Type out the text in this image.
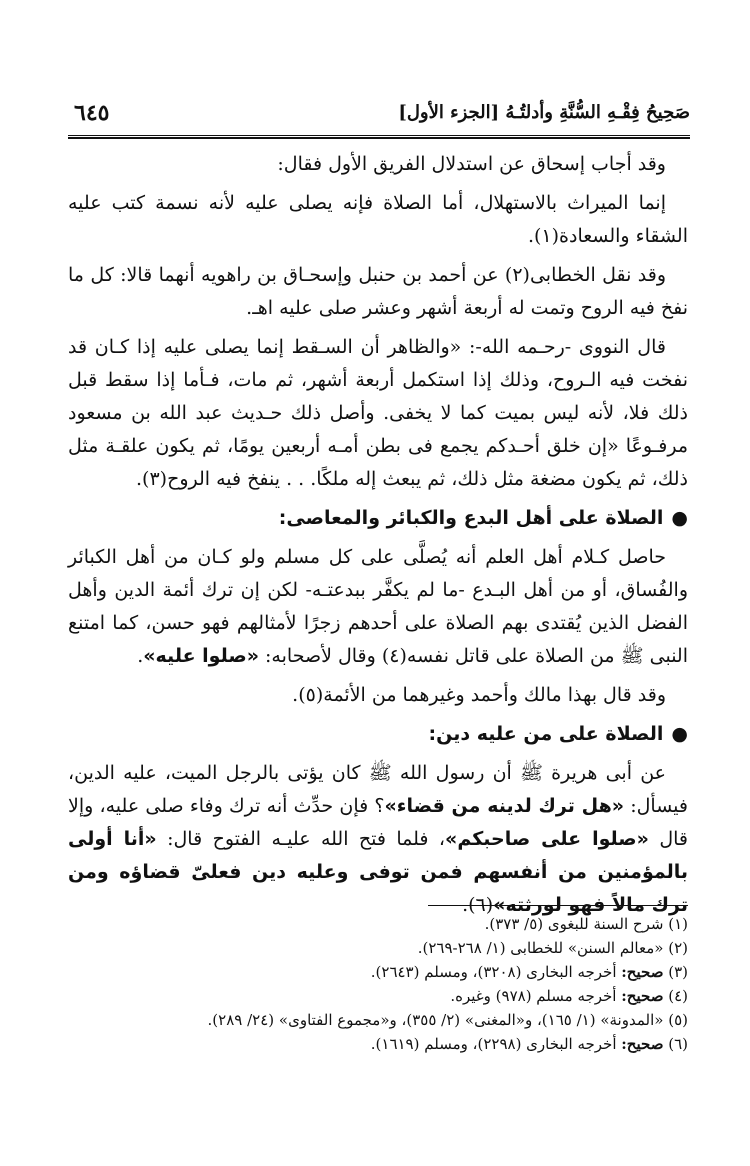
صَحِيحُ فِقْـهِ السُّنَّةِ وأدلتُـهُ [الجزء الأول]
٦٤٥

وقد أجاب إسحاق عن استدلال الفريق الأول فقال:

إنما الميراث بالاستهلال، أما الصلاة فإنه يصلى عليه لأنه نسمة كتب عليه الشقاء والسعادة(١).

وقد نقل الخطابى(٢) عن أحمد بن حنبل وإسحـاق بن راهويه أنهما قالا: كل ما نفخ فيه الروح وتمت له أربعة أشهر وعشر صلى عليه اهـ.

قال النووى -رحـمه الله-: «والظاهر أن السـقط إنما يصلى عليه إذا كـان قد نفخت فيه الـروح، وذلك إذا استكمل أربعة أشهر، ثم مات، فـأما إذا سقط قبل ذلك فلا، لأنه ليس بميت كما لا يخفى. وأصل ذلك حـديث عبد الله بن مسعود مرفـوعًا «إن خلق أحـدكم يجمع فى بطن أمـه أربعين يومًا، ثم يكون علقـة مثل ذلك، ثم يكون مضغة مثل ذلك، ثم يبعث إله ملكًا. . . ينفخ فيه الروح(٣).

●الصلاة على أهل البدع والكبائر والمعاصى:

حاصل كـلام أهل العلم أنه يُصلَّى على كل مسلم ولو كـان من أهل الكبائر والفُساق، أو من أهل البـدع -ما لم يكفَّر ببدعتـه- لكن إن ترك أئمة الدين وأهل الفضل الذين يُقتدى بهم الصلاة على أحدهم زجرًا لأمثالهم فهو حسن، كما امتنع النبى ﷺ من الصلاة على قاتل نفسه(٤) وقال لأصحابه: «صلوا عليه».

وقد قال بهذا مالك وأحمد وغيرهما من الأئمة(٥).

●الصلاة على من عليه دين:

عن أبى هريرة ﷺ أن رسول الله ﷺ كان يؤتى بالرجل الميت، عليه الدين، فيسأل: «هل ترك لدينه من قضاء»؟ فإن حدِّث أنه ترك وفاء صلى عليه، وإلا قال «صلوا على صاحبكم»، فلما فتح الله عليـه الفتوح قال: «أنا أولى بالمؤمنين من أنفسهم فمن توفى وعليه دين فعلىّ قضاؤه ومن ترك مالاً فهو لورثته»(٦).

(١) شرح السنة للبغوى (٥/ ٣٧٣).
(٢) «معالم السنن» للخطابى (١/ ٢٦٨-٢٦٩).
(٣) صحيح: أخرجه البخارى (٣٢٠٨)، ومسلم (٢٦٤٣).
(٤) صحيح: أخرجه مسلم (٩٧٨) وغيره.
(٥) «المدونة» (١/ ١٦٥)، و«المغنى» (٢/ ٣٥٥)، و«مجموع الفتاوى» (٢٤/ ٢٨٩).
(٦) صحيح: أخرجه البخارى (٢٢٩٨)، ومسلم (١٦١٩).
